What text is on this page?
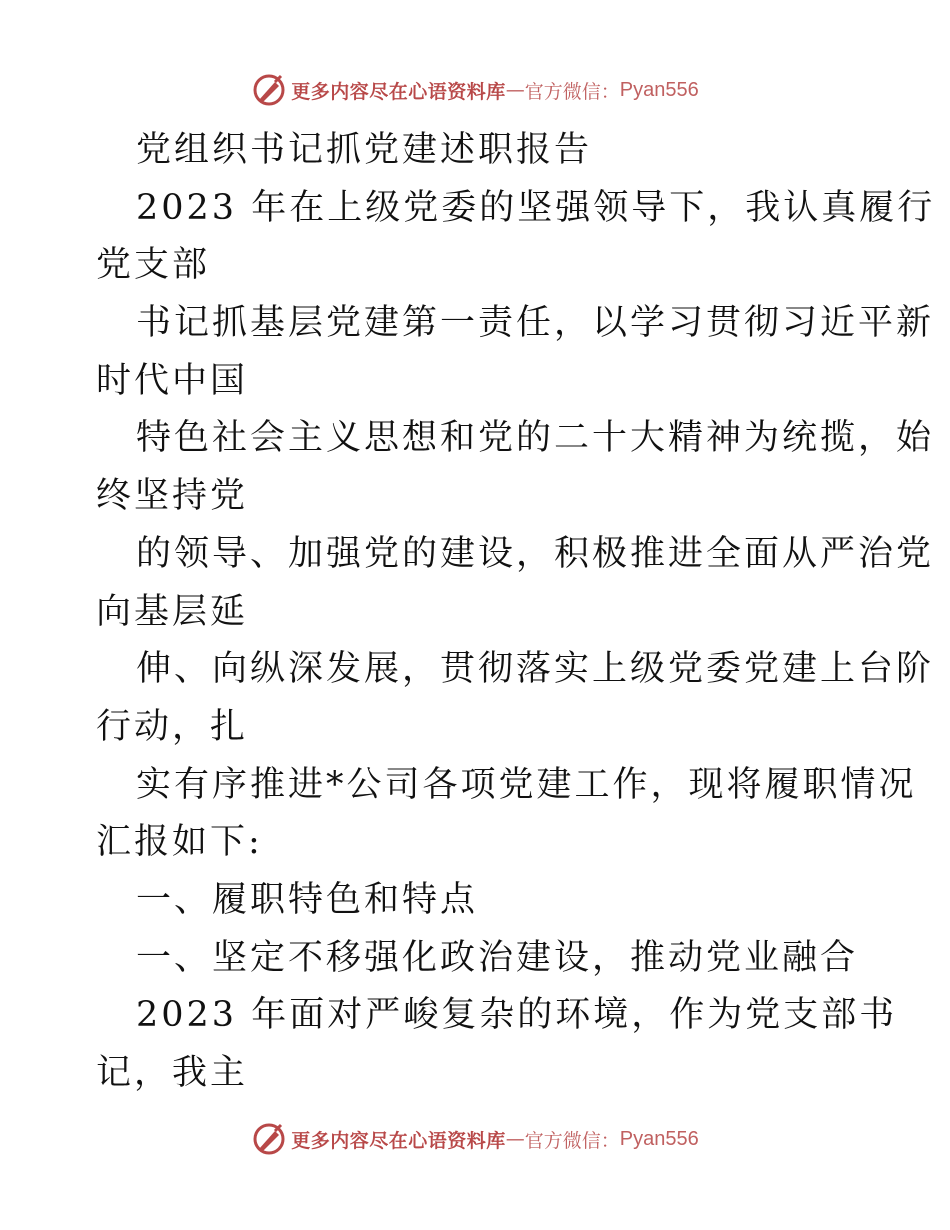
更多内容尽在心语资料库 — 官方微信： Pyan556
党组织书记抓党建述职报告
2023 年在上级党委的坚强领导下，我认真履行
党支部
书记抓基层党建第一责任，以学习贯彻习近平新
时代中国
特色社会主义思想和党的二十大精神为统揽，始
终坚持党
的领导、加强党的建设，积极推进全面从严治党
向基层延
伸、向纵深发展，贯彻落实上级党委党建上台阶
行动，扎
实有序推进*公司各项党建工作，现将履职情况
汇报如下:
一、履职特色和特点
一、坚定不移强化政治建设，推动党业融合
2023 年面对严峻复杂的环境，作为党支部书
记，我主
更多内容尽在心语资料库 — 官方微信： Pyan556
